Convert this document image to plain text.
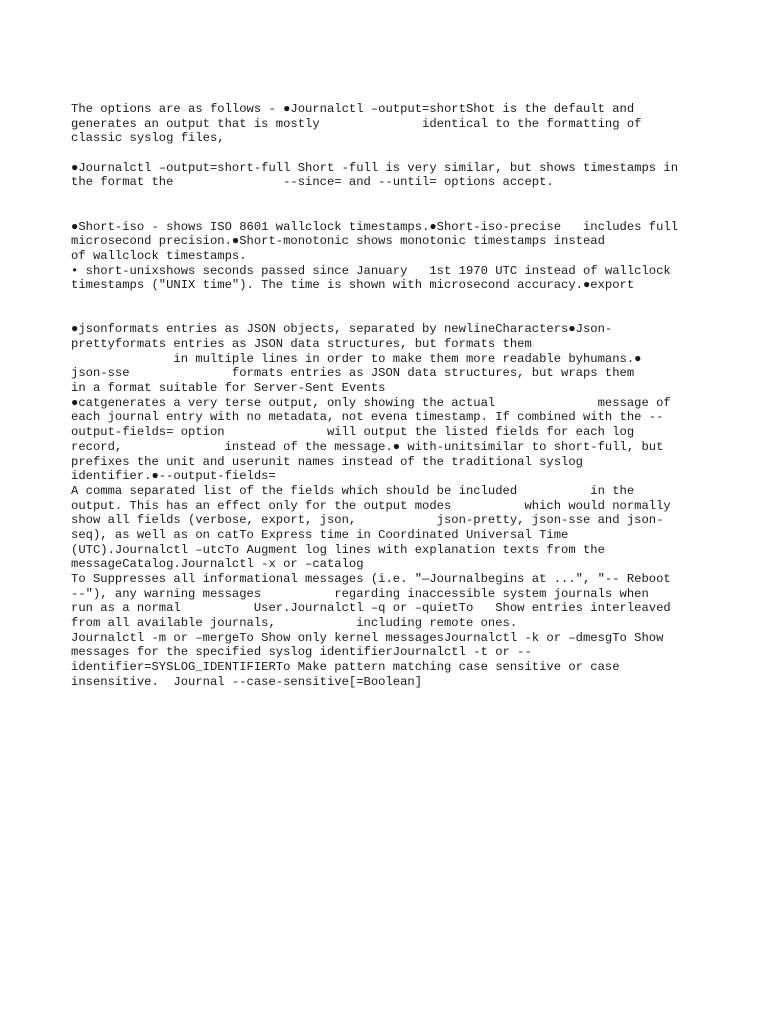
The options are as follows - ●Journalctl –output=shortShot is the default and
generates an output that is mostly              identical to the formatting of
classic syslog files,

●Journalctl –output=short-full Short -full is very similar, but shows timestamps in
the format the               --since= and --until= options accept.

●Short-iso - shows ISO 8601 wallclock timestamps.●Short-iso-precise   includes full
microsecond precision.●Short-monotonic shows monotonic timestamps instead
of wallclock timestamps.
• short-unixshows seconds passed since January   1st 1970 UTC instead of wallclock
timestamps ("UNIX time"). The time is shown with microsecond accuracy.●export

●jsonformats entries as JSON objects, separated by newlineCharacters●Json-
prettyformats entries as JSON data structures, but formats them
in multiple lines in order to make them more readable byhumans.●
json-sse              formats entries as JSON data structures, but wraps them
in a format suitable for Server-Sent Events
●catgenerates a very terse output, only showing the actual              message of
each journal entry with no metadata, not evena timestamp. If combined with the --
output-fields= option              will output the listed fields for each log
record,              instead of the message.● with-unitsimilar to short-full, but
prefixes the unit and userunit names instead of the traditional syslog
identifier.●--output-fields=
A comma separated list of the fields which should be included          in the
output. This has an effect only for the output modes          which would normally
show all fields (verbose, export, json,           json-pretty, json-sse and json-
seq), as well as on catTo Express time in Coordinated Universal Time
(UTC).Journalctl –utcTo Augment log lines with explanation texts from the
messageCatalog.Journalctl -x or –catalog
To Suppresses all informational messages (i.e. "—Journalbegins at ...", "-- Reboot
--"), any warning messages          regarding inaccessible system journals when
run as a normal          User.Journalctl –q or –quietTo   Show entries interleaved
from all available journals,           including remote ones.
Journalctl -m or –mergeTo Show only kernel messagesJournalctl -k or –dmesgTo Show
messages for the specified syslog identifierJournalctl -t or --
identifier=SYSLOG_IDENTIFIERTo Make pattern matching case sensitive or case
insensitive.  Journal --case-sensitive[=Boolean]
